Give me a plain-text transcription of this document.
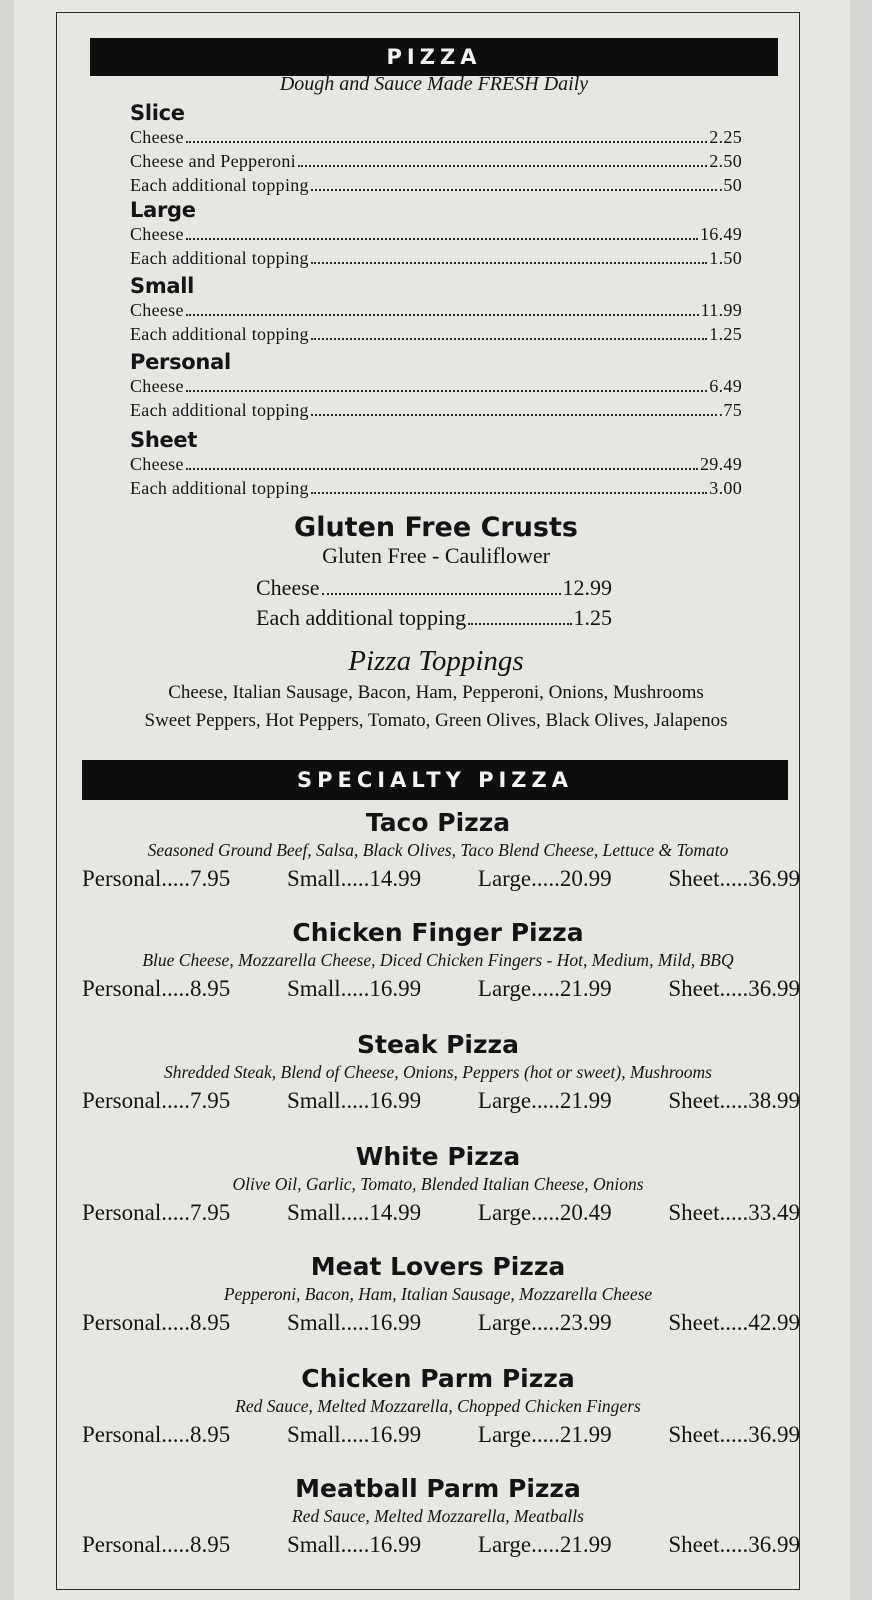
PIZZA
Dough and Sauce Made FRESH Daily
Slice
Cheese	2.25
Cheese and Pepperoni	2.50
Each additional topping	.50
Large
Cheese	16.49
Each additional topping	1.50
Small
Cheese	11.99
Each additional topping	1.25
Personal
Cheese	6.49
Each additional topping	.75
Sheet
Cheese	29.49
Each additional topping	3.00
Gluten Free Crusts
Gluten Free - Cauliflower
Cheese	12.99
Each additional topping	1.25
Pizza Toppings
Cheese, Italian Sausage, Bacon, Ham, Pepperoni, Onions, Mushrooms
Sweet Peppers, Hot Peppers, Tomato, Green Olives, Black Olives, Jalapenos
SPECIALTY PIZZA
Taco Pizza
Seasoned Ground Beef, Salsa, Black Olives, Taco Blend Cheese, Lettuce & Tomato
Personal.....7.95 Small.....14.99 Large.....20.99 Sheet.....36.99
Chicken Finger Pizza
Blue Cheese, Mozzarella Cheese, Diced Chicken Fingers - Hot, Medium, Mild, BBQ
Personal.....8.95 Small.....16.99 Large.....21.99 Sheet.....36.99
Steak Pizza
Shredded Steak, Blend of Cheese, Onions, Peppers (hot or sweet), Mushrooms
Personal.....7.95 Small.....16.99 Large.....21.99 Sheet.....38.99
White Pizza
Olive Oil, Garlic, Tomato, Blended Italian Cheese, Onions
Personal.....7.95 Small.....14.99 Large.....20.49 Sheet.....33.49
Meat Lovers Pizza
Pepperoni, Bacon, Ham, Italian Sausage, Mozzarella Cheese
Personal.....8.95 Small.....16.99 Large.....23.99 Sheet.....42.99
Chicken Parm Pizza
Red Sauce, Melted Mozzarella, Chopped Chicken Fingers
Personal.....8.95 Small.....16.99 Large.....21.99 Sheet.....36.99
Meatball Parm Pizza
Red Sauce, Melted Mozzarella, Meatballs
Personal.....8.95 Small.....16.99 Large.....21.99 Sheet.....36.99
